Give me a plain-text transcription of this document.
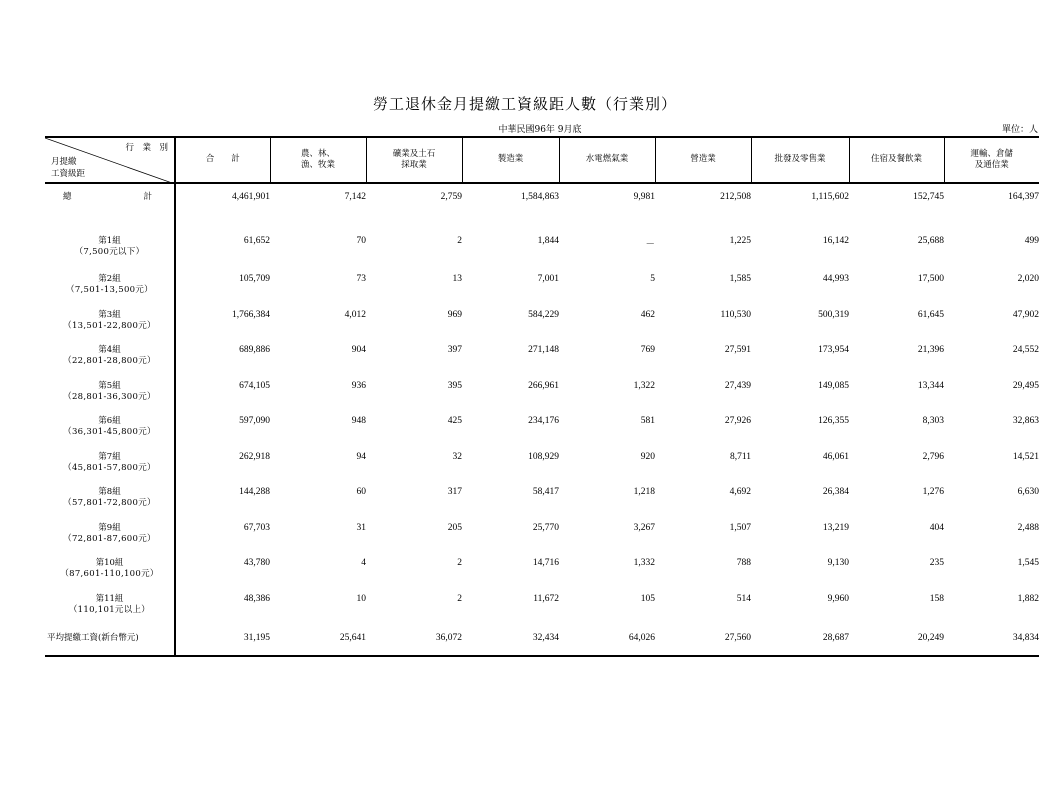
勞工退休金月提繳工資級距人數（行業別）
中華民國96年 9月底	單位：人
行　業　別
月提繳
工資級距	合　　計	農、林、
漁、牧業	礦業及土石
採取業	製造業	水電燃氣業	營造業	批發及零售業	住宿及餐飲業	運輸、倉儲
及通信業

總 計	4,461,901	7,142	2,759	1,584,863	9,981	212,508	1,115,602	152,745	164,397

第1組
（7,500元以下）	61,652	70	2	1,844	－	1,225	16,142	25,688	499

第2組
（7,501-13,500元）	105,709	73	13	7,001	5	1,585	44,993	17,500	2,020

第3組
（13,501-22,800元）	1,766,384	4,012	969	584,229	462	110,530	500,319	61,645	47,902

第4組
（22,801-28,800元）	689,886	904	397	271,148	769	27,591	173,954	21,396	24,552

第5組
（28,801-36,300元）	674,105	936	395	266,961	1,322	27,439	149,085	13,344	29,495

第6組
（36,301-45,800元）	597,090	948	425	234,176	581	27,926	126,355	8,303	32,863

第7組
（45,801-57,800元）	262,918	94	32	108,929	920	8,711	46,061	2,796	14,521

第8組
（57,801-72,800元）	144,288	60	317	58,417	1,218	4,692	26,384	1,276	6,630

第9組
（72,801-87,600元）	67,703	31	205	25,770	3,267	1,507	13,219	404	2,488

第10組
（87,601-110,100元）	43,780	4	2	14,716	1,332	788	9,130	235	1,545

第11組
（110,101元以上）	48,386	10	2	11,672	105	514	9,960	158	1,882
平均提繳工資(新台幣元)	31,195	25,641	36,072	32,434	64,026	27,560	28,687	20,249	34,834
